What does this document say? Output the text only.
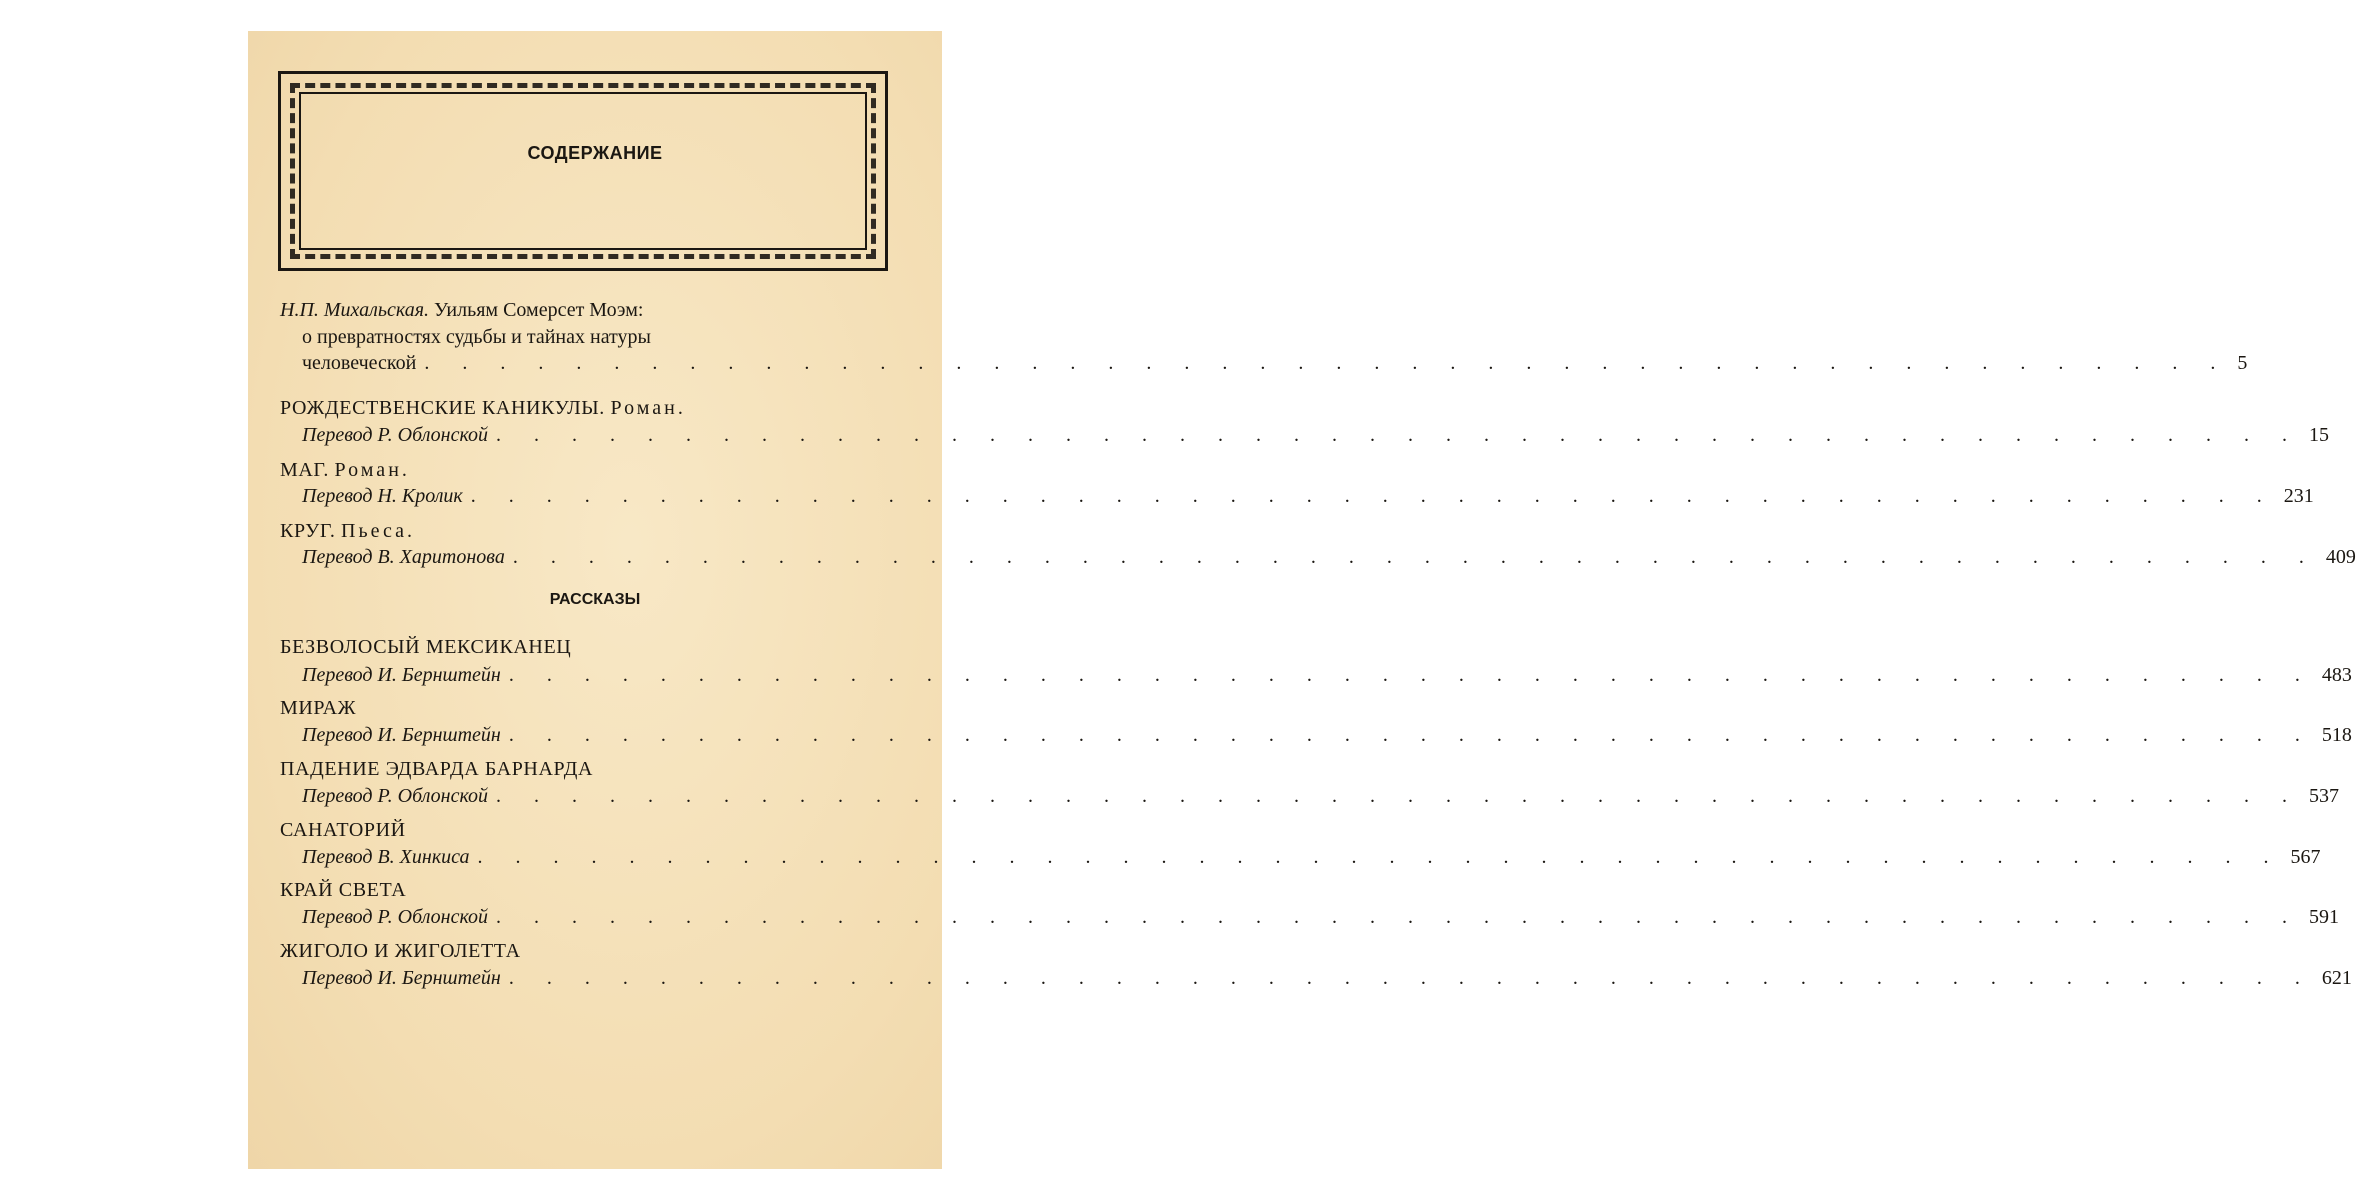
СОДЕРЖАНИЕ
Н.П. Михальская. Уильям Сомерсет Моэм:
о превратностях судьбы и тайнах натуры
человеческой . . . . . . . . . . . . . . . . . . . . . . . . . . . . . . . . . . . . . . . . . . . . . . . . 5
РОЖДЕСТВЕНСКИЕ КАНИКУЛЫ. Роман.
Перевод Р. Облонской . . . . . . . . . . . . . . . . . . . . . . . . . . . . . . . . . . . . . . . . . . . . . . . . 15
МАГ. Роман.
Перевод Н. Кролик . . . . . . . . . . . . . . . . . . . . . . . . . . . . . . . . . . . . . . . . . . . . . . . . 231
КРУГ. Пьеса.
Перевод В. Харитонова . . . . . . . . . . . . . . . . . . . . . . . . . . . . . . . . . . . . . . . . . . . . . . . . 409
РАССКАЗЫ
БЕЗВОЛОСЫЙ МЕКСИКАНЕЦ
Перевод И. Бернштейн . . . . . . . . . . . . . . . . . . . . . . . . . . . . . . . . . . . . . . . . . . . . . . . . 483
МИРАЖ
Перевод И. Бернштейн . . . . . . . . . . . . . . . . . . . . . . . . . . . . . . . . . . . . . . . . . . . . . . . . 518
ПАДЕНИЕ ЭДВАРДА БАРНАРДА
Перевод Р. Облонской . . . . . . . . . . . . . . . . . . . . . . . . . . . . . . . . . . . . . . . . . . . . . . . . 537
САНАТОРИЙ
Перевод В. Хинкиса . . . . . . . . . . . . . . . . . . . . . . . . . . . . . . . . . . . . . . . . . . . . . . . . 567
КРАЙ СВЕТА
Перевод Р. Облонской . . . . . . . . . . . . . . . . . . . . . . . . . . . . . . . . . . . . . . . . . . . . . . . . 591
ЖИГОЛО И ЖИГОЛЕТТА
Перевод И. Бернштейн . . . . . . . . . . . . . . . . . . . . . . . . . . . . . . . . . . . . . . . . . . . . . . . . 621
